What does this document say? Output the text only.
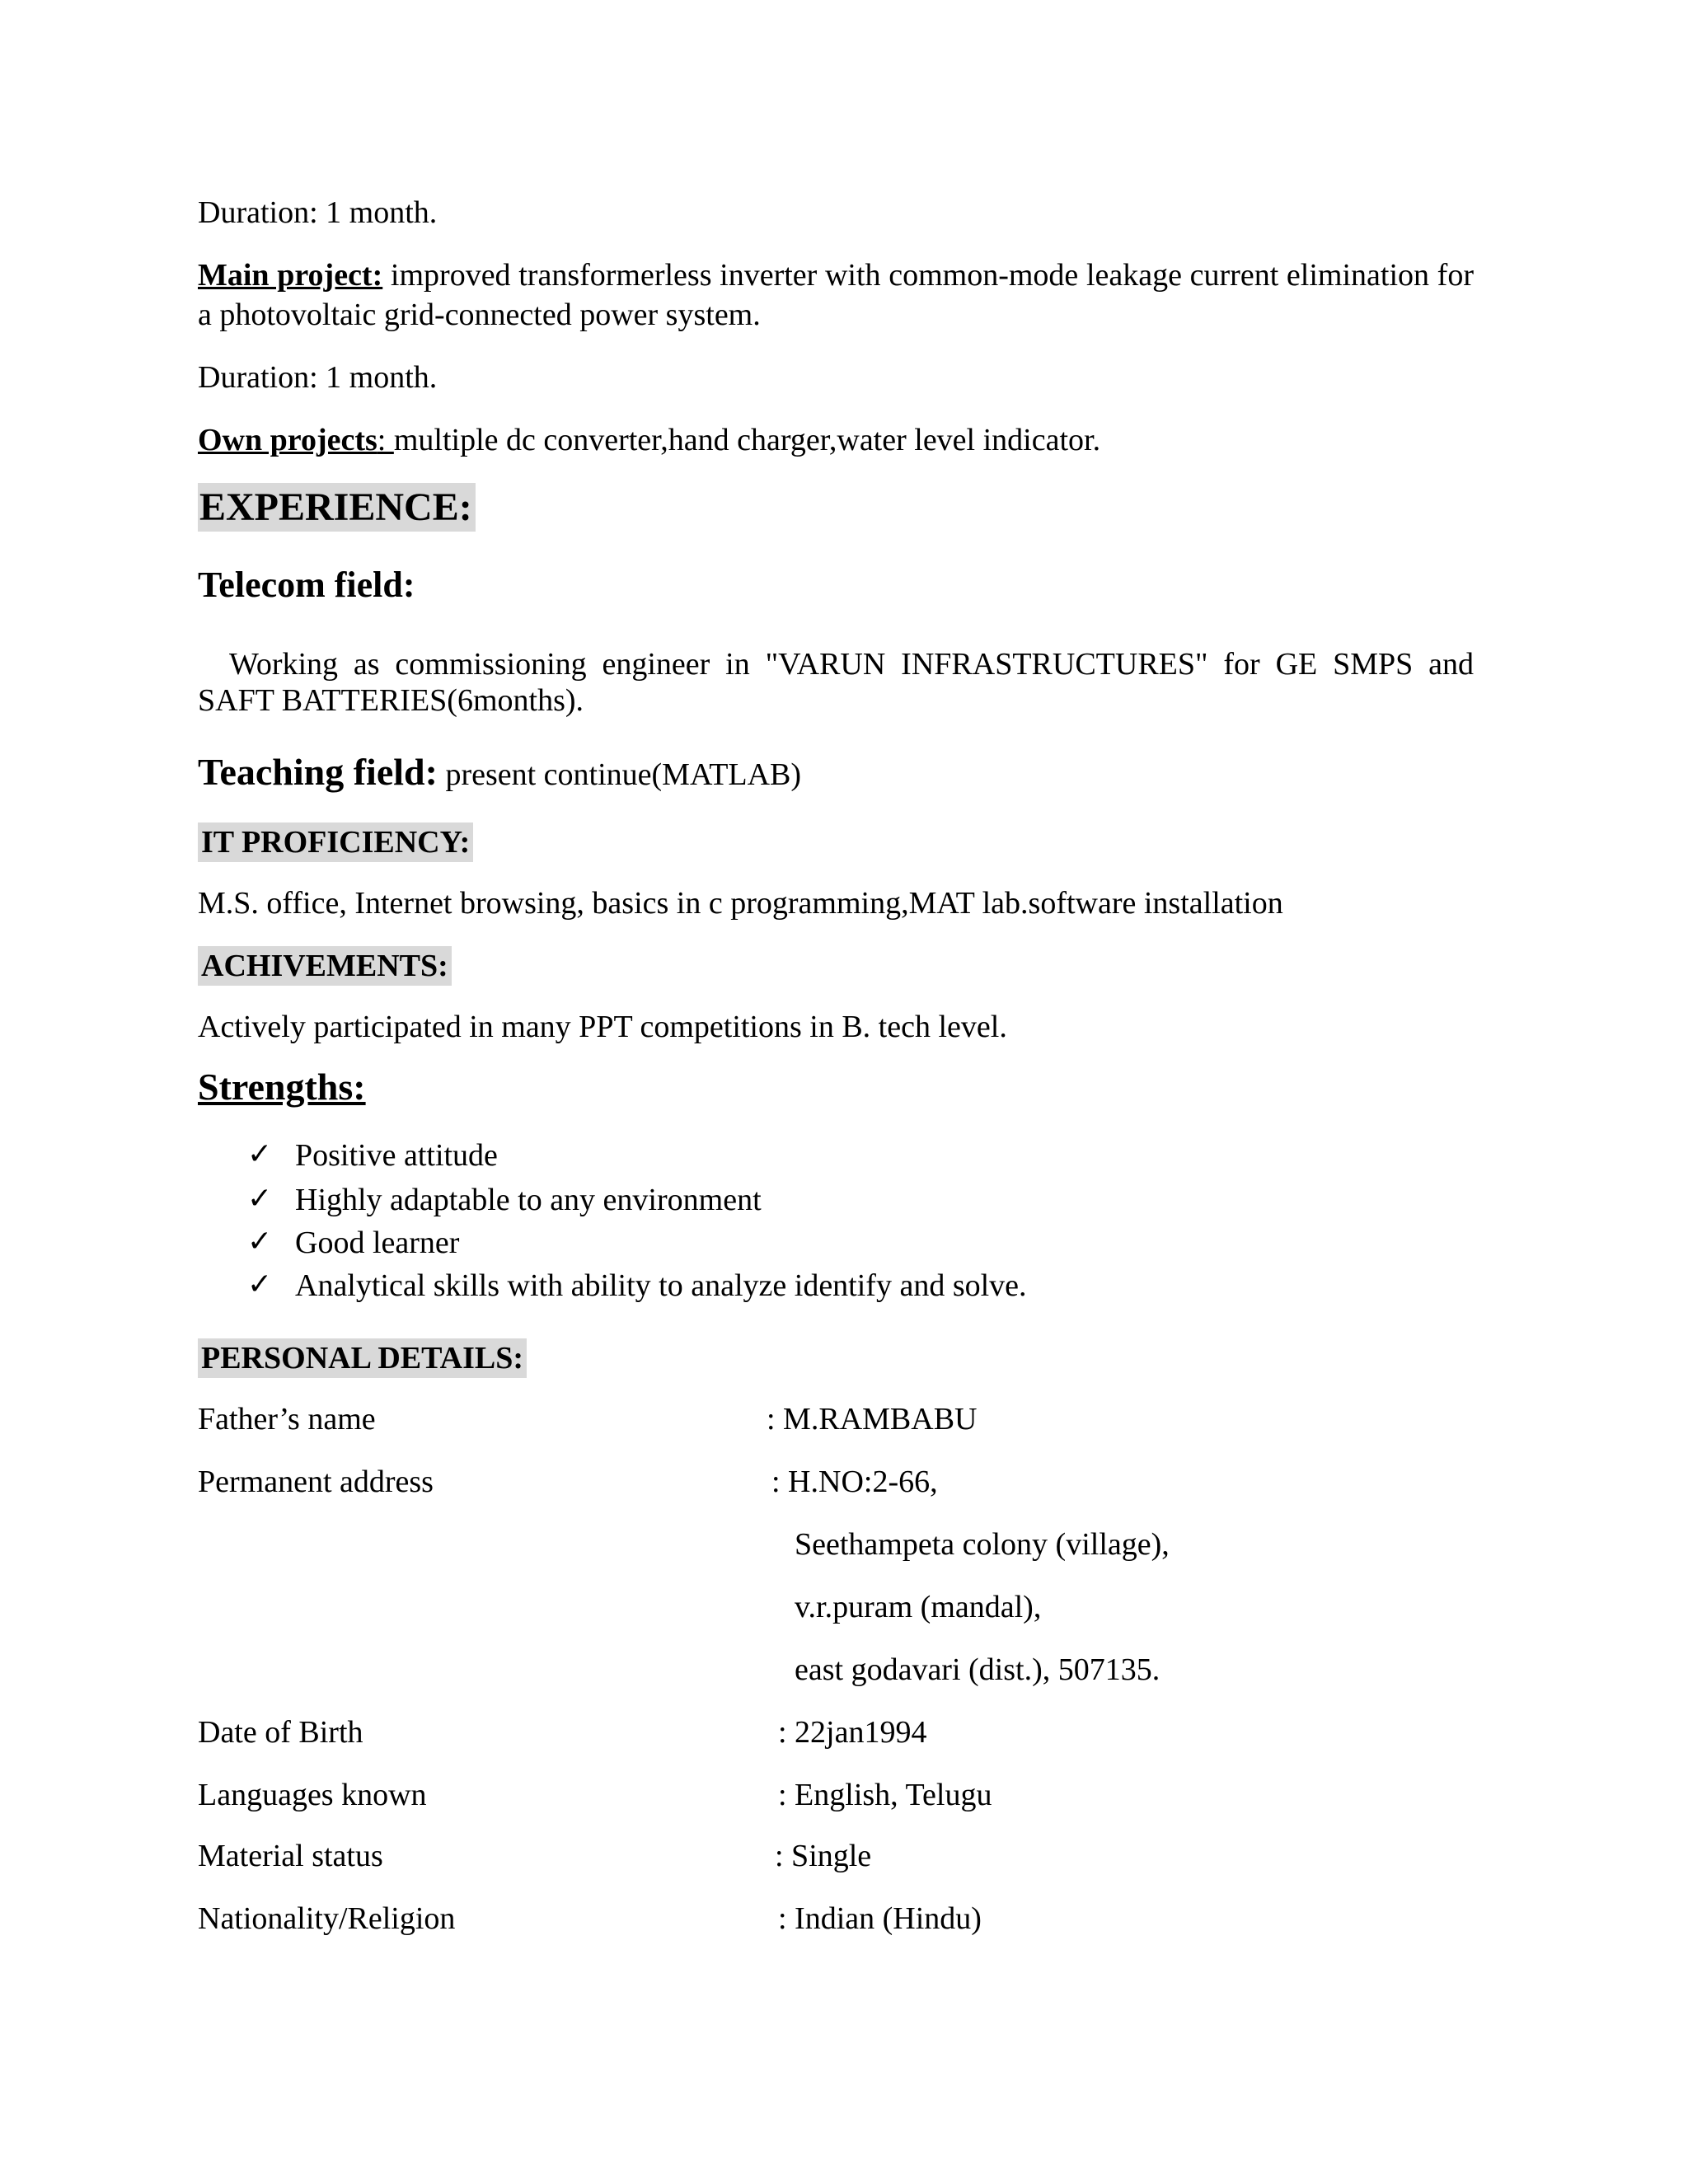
Duration: 1 month.
Main project: improved transformerless inverter with common-mode leakage current elimination for a photovoltaic grid-connected power system.
Duration: 1 month.
Own projects: multiple dc converter,hand charger,water level indicator.
EXPERIENCE:
Telecom field:
Working as commissioning engineer in "VARUN INFRASTRUCTURES" for GE SMPS and SAFT BATTERIES(6months).
Teaching field: present continue(MATLAB)
IT PROFICIENCY:
M.S. office, Internet browsing, basics in c programming,MAT lab.software installation
ACHIVEMENTS:
Actively participated in many PPT competitions in B. tech level.
Strengths:
✓ Positive attitude
✓ Highly adaptable to any environment
✓ Good learner
✓ Analytical skills with ability to analyze identify and solve.
PERSONAL DETAILS:
Father’s name	: M.RAMBABU
Permanent address	: H.NO:2-66,
Seethampeta colony (village),
v.r.puram (mandal),
east godavari (dist.), 507135.
Date of Birth	: 22jan1994
Languages known	: English, Telugu
Material status	: Single
Nationality/Religion	: Indian (Hindu)
